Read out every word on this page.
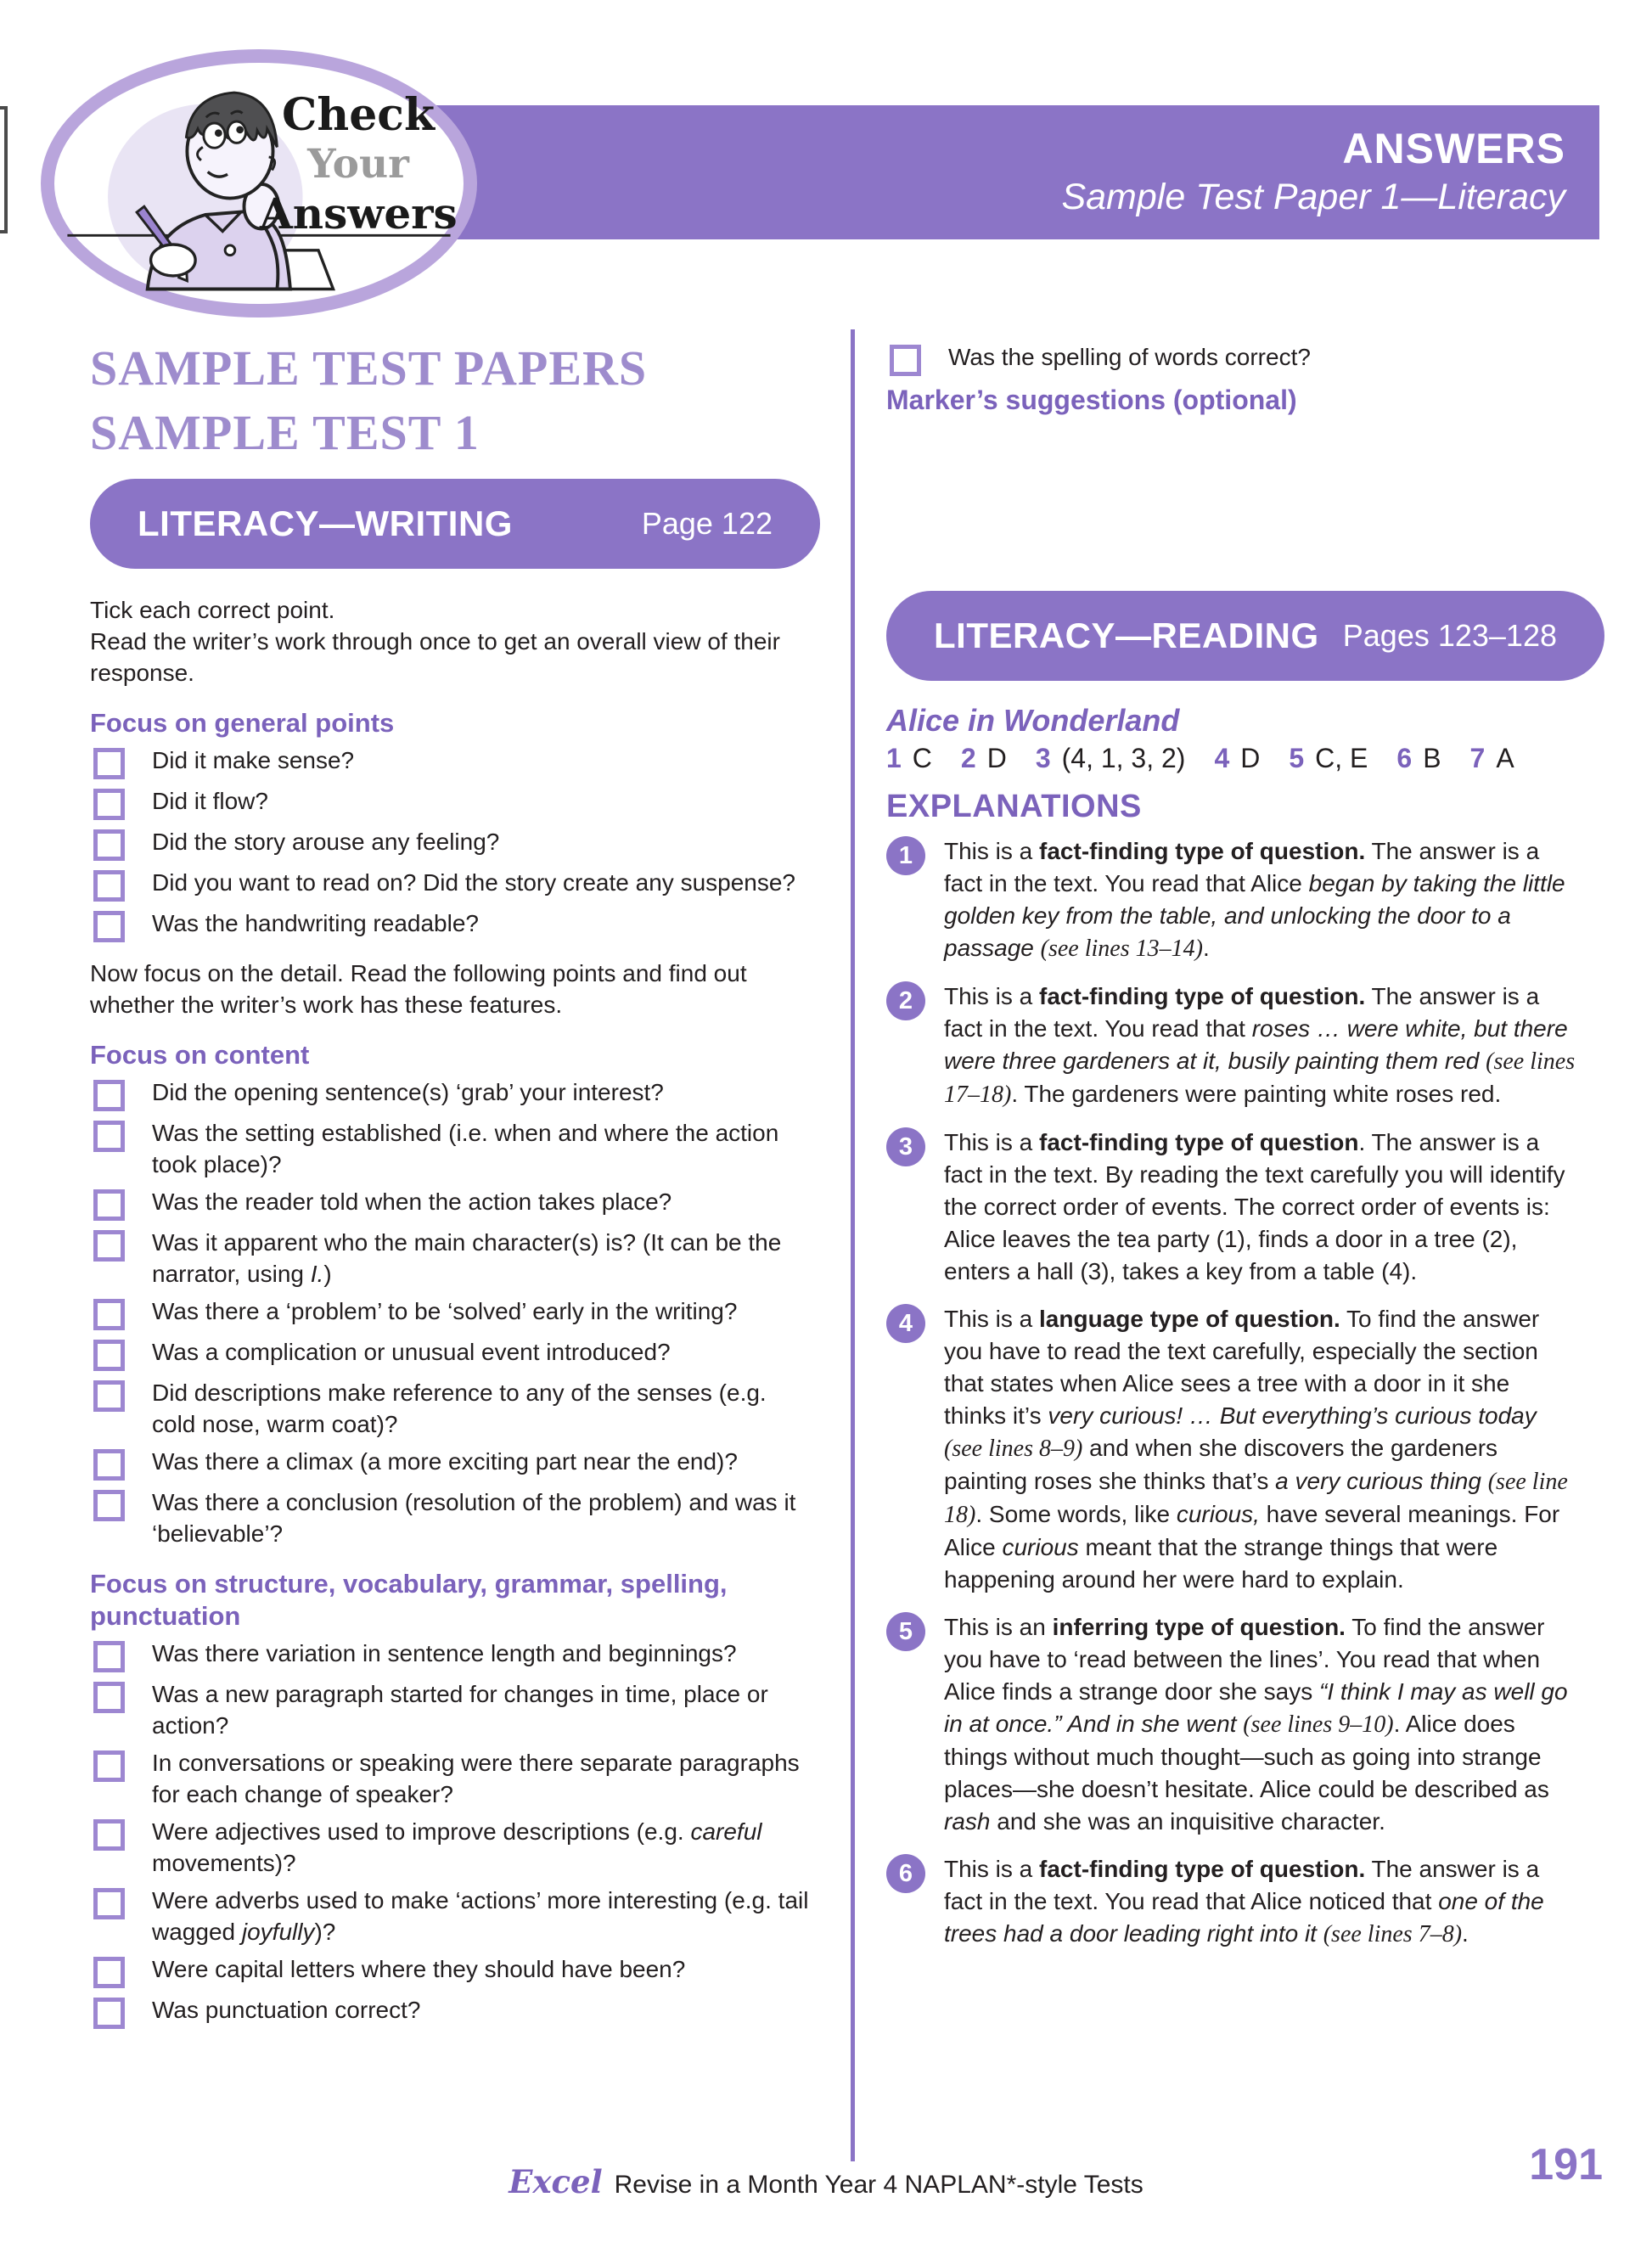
ANSWERS
Sample Test Paper 1—Literacy
Check
Your
Answers
SAMPLE TEST PAPERS
SAMPLE TEST 1
LITERACY—WRITING	Page 122

Tick each correct point.

Read the writer’s work through once to get an overall view of their response.

Focus on general points
Did it make sense?
Did it flow?
Did the story arouse any feeling?
Did you want to read on? Did the story create any suspense?
Was the handwriting readable?

Now focus on the detail. Read the following points and find out whether the writer’s work has these features.

Focus on content
Did the opening sentence(s) ‘grab’ your interest?
Was the setting established (i.e. when and where the action took place)?
Was the reader told when the action takes place?
Was it apparent who the main character(s) is? (It can be the narrator, using I.)
Was there a ‘problem’ to be ‘solved’ early in the writing?
Was a complication or unusual event introduced?
Did descriptions make reference to any of the senses (e.g. cold nose, warm coat)?
Was there a climax (a more exciting part near the end)?
Was there a conclusion (resolution of the problem) and was it ‘believable’?
Focus on structure, vocabulary, grammar, spelling, punctuation
Was there variation in sentence length and beginnings?
Was a new paragraph started for changes in time, place or action?
In conversations or speaking were there separate paragraphs for each change of speaker?
Were adjectives used to improve descriptions (e.g. careful movements)?
Were adverbs used to make ‘actions’ more interesting (e.g. tail wagged joyfully)?
Were capital letters where they should have been?
Was punctuation correct?
Was the spelling of words correct?
Marker’s suggestions (optional)
LITERACY—READING Pages 123–128
Alice in Wonderland
1 C 2 D 3 (4, 1, 3, 2) 4 D 5 C, E 6 B 7 A
EXPLANATIONS
1	This is a fact-finding type of question. The answer is a fact in the text. You read that Alice began by taking the little golden key from the table, and unlocking the door to a passage (see lines 13–14).
2	This is a fact-finding type of question. The answer is a fact in the text. You read that roses … were white, but there were three gardeners at it, busily painting them red (see lines 17–18). The gardeners were painting white roses red.
3	This is a fact-finding type of question. The answer is a fact in the text. By reading the text carefully you will identify the correct order of events. The correct order of events is: Alice leaves the tea party (1), finds a door in a tree (2), enters a hall (3), takes a key from a table (4).
4	This is a language type of question. To find the answer you have to read the text carefully, especially the section that states when Alice sees a tree with a door in it she thinks it’s very curious! … But everything’s curious today (see lines 8–9) and when she discovers the gardeners painting roses she thinks that’s a very curious thing (see line 18). Some words, like curious, have several meanings. For Alice curious meant that the strange things that were happening around her were hard to explain.
5	This is an inferring type of question. To find the answer you have to ‘read between the lines’. You read that when Alice finds a strange door she says “I think I may as well go in at once.” And in she went (see lines 9–10). Alice does things without much thought—such as going into strange places—she doesn’t hesitate. Alice could be described as rash and she was an inquisitive character.
6	This is a fact-finding type of question. The answer is a fact in the text. You read that Alice noticed that one of the trees had a door leading right into it (see lines 7–8).
Excel Revise in a Month Year 4 NAPLAN*-style Tests	191
